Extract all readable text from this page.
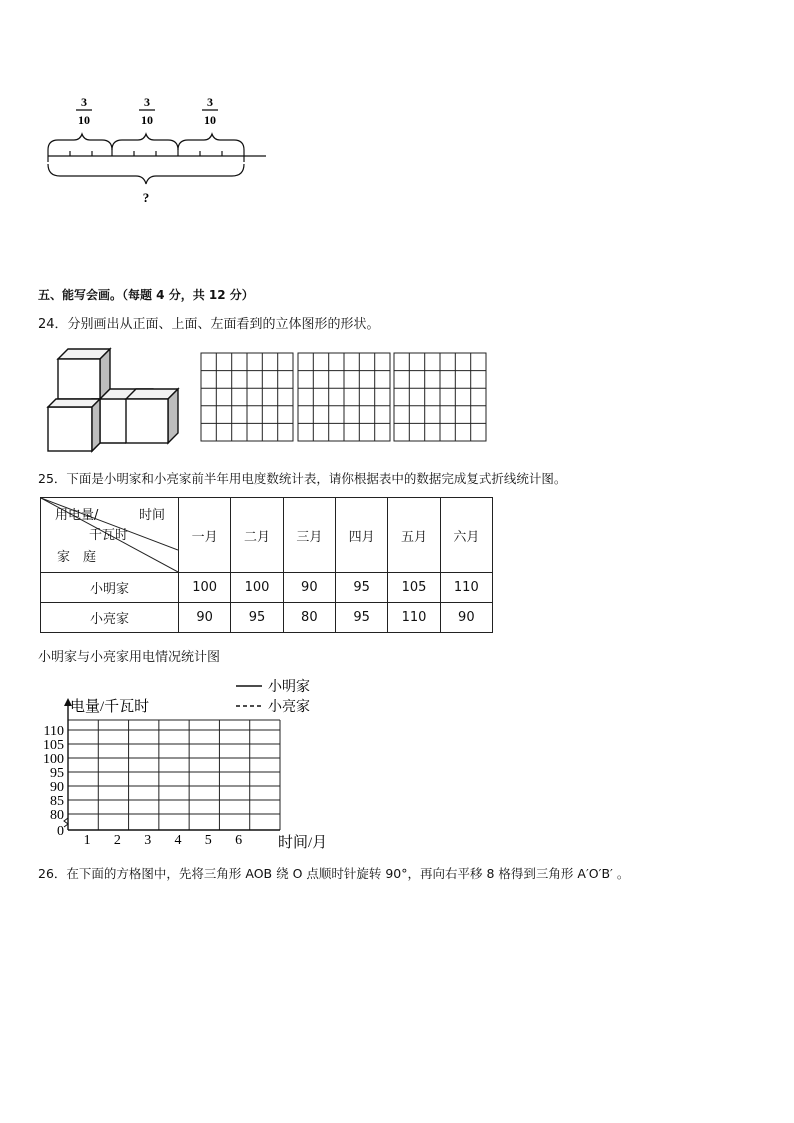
3
10
3
10
3
10
?
五、能写会画。（每题 4 分，共 12 分）
24．分别画出从正面、上面、左面看到的立体图形的形状。
25．下面是小明家和小亮家前半年用电度数统计表，请你根据表中的数据完成复式折线统计图。
用电量/ 时间
千瓦时
家　庭	一月	二月	三月	四月	五月	六月
小明家	100	100	90	95	105	110
小亮家	90	95	80	95	110	90
小明家与小亮家用电情况统计图
小明家
小亮家
电量/千瓦时
时间/月
0
80
85
90
95
100
105
110
1 2 3 4 5 6
26．在下面的方格图中，先将三角形 AOB 绕 O 点顺时针旋转 90°，再向右平移 8 格得到三角形 A′O′B′ 。
